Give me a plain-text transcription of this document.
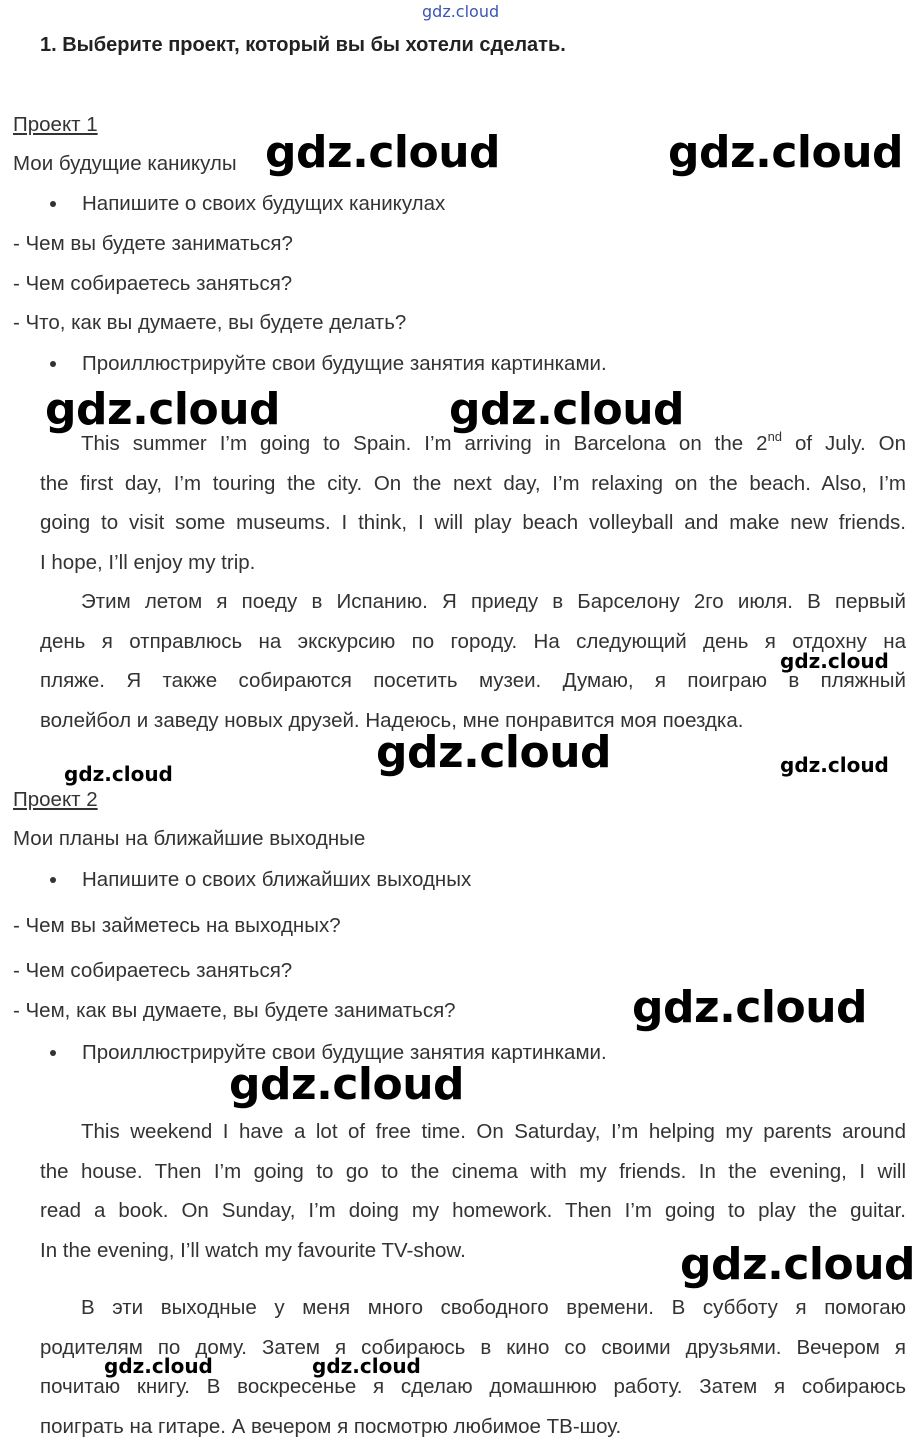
gdz.cloud
1. Выберите проект, который вы бы хотели сделать.
Проект 1
Мои будущие каникулы
Напишите о своих будущих каникулах
- Чем вы будете заниматься?
- Чем собираетесь заняться?
- Что, как вы думаете, вы будете делать?
Проиллюстрируйте свои будущие занятия картинками.
This summer I’m going to Spain. I’m arriving in Barcelona on the 2nd of July. On
the first day, I’m touring the city. On the next day, I’m relaxing on the beach. Also, I’m
going to visit some museums. I think, I will play beach volleyball and make new friends.
I hope, I’ll enjoy my trip.
Этим летом я поеду в Испанию. Я приеду в Барселону 2го июля. В первый
день я отправлюсь на экскурсию по городу. На следующий день я отдохну на
пляже. Я также собираются посетить музеи. Думаю, я поиграю в пляжный
волейбол и заведу новых друзей. Надеюсь, мне понравится моя поездка.
Проект 2
Мои планы на ближайшие выходные
Напишите о своих ближайших выходных
- Чем вы займетесь на выходных?
- Чем собираетесь заняться?
- Чем, как вы думаете, вы будете заниматься?
Проиллюстрируйте свои будущие занятия картинками.
This weekend I have a lot of free time. On Saturday, I’m helping my parents around
the house. Then I’m going to go to the cinema with my friends. In the evening, I will
read a book. On Sunday, I’m doing my homework. Then I’m going to play the guitar.
In the evening, I’ll watch my favourite TV-show.
В эти выходные у меня много свободного времени. В субботу я помогаю
родителям по дому. Затем я собираюсь в кино со своими друзьями. Вечером я
почитаю книгу. В воскресенье я сделаю домашнюю работу. Затем я собираюсь
поиграть на гитаре. А вечером я посмотрю любимое ТВ-шоу.
gdz.cloud	gdz.cloud
gdz.cloud	gdz.cloud
gdz.cloud
gdz.cloud
gdz.cloud	gdz.cloud
gdz.cloud
gdz.cloud
gdz.cloud
gdz.cloud	gdz.cloud
